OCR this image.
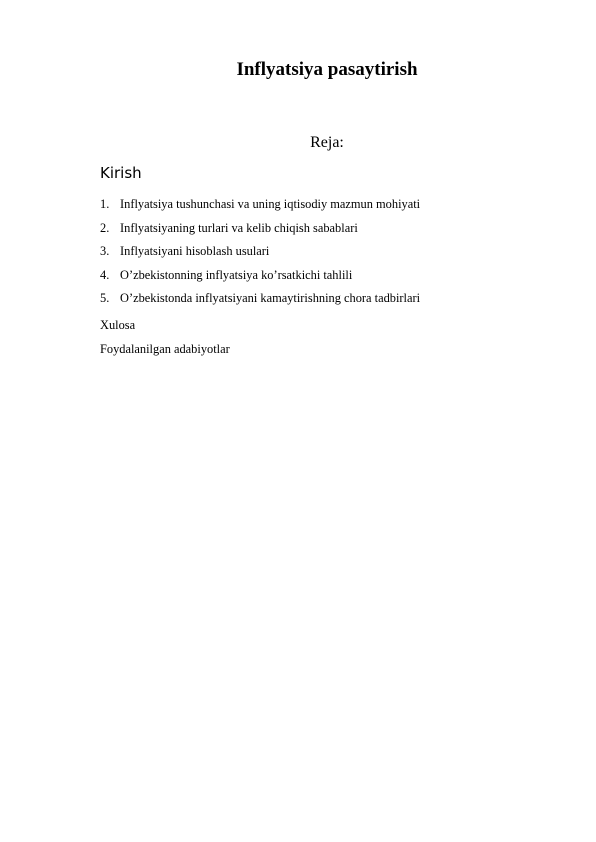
Inflyatsiya pasaytirish
Reja:
Kirish
1. Inflyatsiya tushunchasi va uning iqtisodiy mazmun mohiyati
2. Inflyatsiyaning turlari va kelib chiqish sabablari
3. Inflyatsiyani hisoblash usulari
4. O’zbekistonning inflyatsiya ko’rsatkichi tahlili
5. O’zbekistonda inflyatsiyani kamaytirishning chora tadbirlari
Xulosa
Foydalanilgan adabiyotlar
